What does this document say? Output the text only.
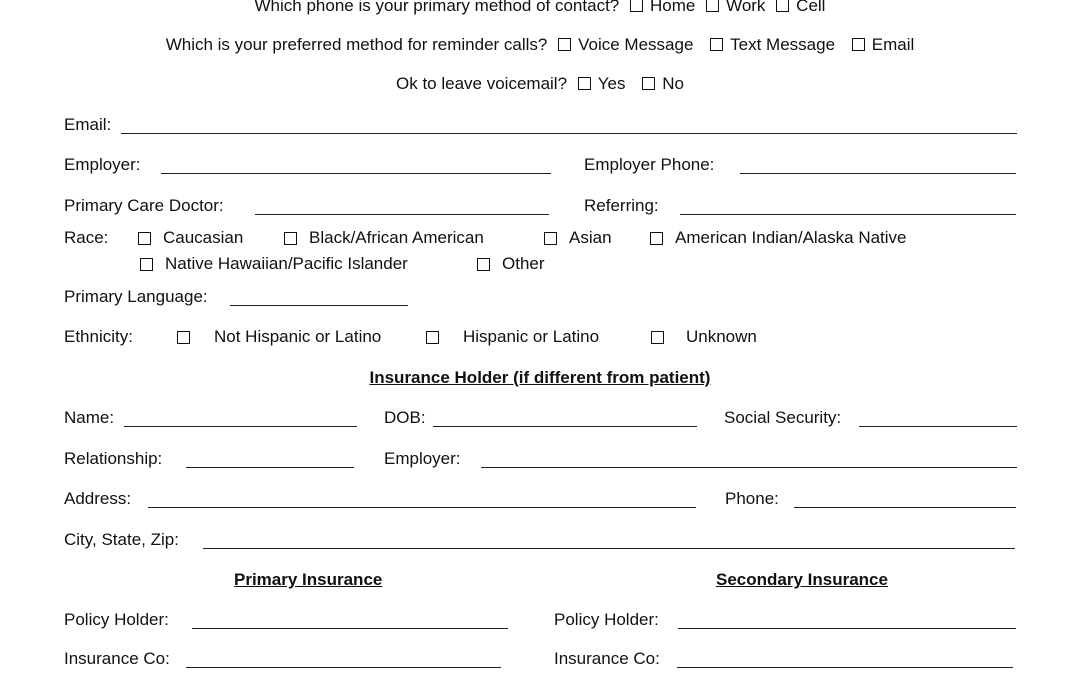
Which phone is your primary method of contact? Home Work Cell
Which is your preferred method for reminder calls? Voice Message Text Message Email
Ok to leave voicemail? Yes No
Email:
Employer:	Employer Phone:
Primary Care Doctor:	Referring:
Race:	Caucasian	Black/African American	Asian	American Indian/Alaska Native
Native Hawaiian/Pacific Islander	Other
Primary Language:
Ethnicity:	Not Hispanic or Latino	Hispanic or Latino	Unknown
Insurance Holder (if different from patient)
Name:	DOB:	Social Security:
Relationship:	Employer:
Address:	Phone:
City, State, Zip:
Primary Insurance	Secondary Insurance
Policy Holder:	Policy Holder:
Insurance Co:	Insurance Co:
